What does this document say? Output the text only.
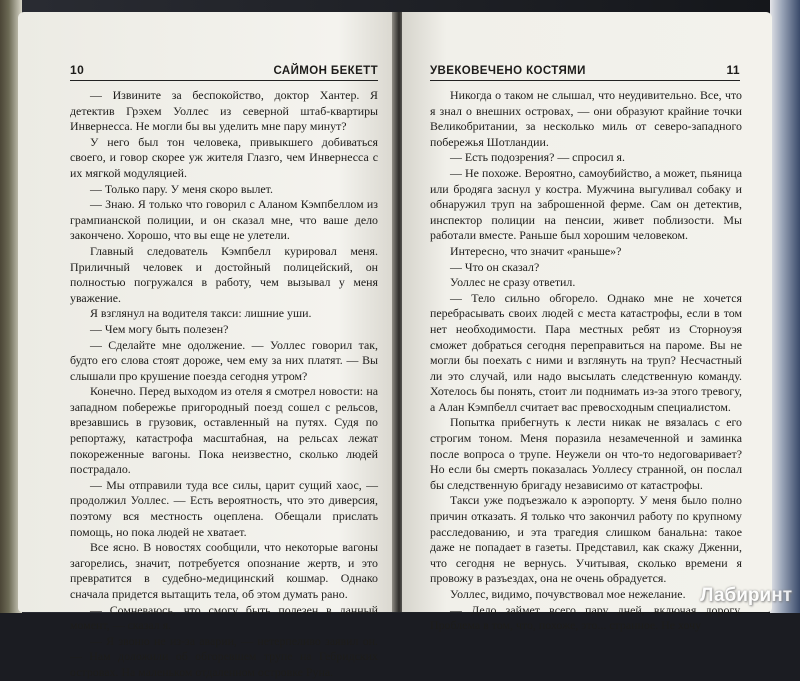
10	САЙМОН БЕКЕТТ

— Извините за беспокойство, доктор Хантер. Я детектив Грэхем Уоллес из северной штаб-квартиры Инвернесса. Не могли бы вы уделить мне пару минут?

У него был тон человека, привыкшего добиваться своего, и говор скорее уж жителя Глазго, чем Инвернесса с их мягкой модуляцией.

— Только пару. У меня скоро вылет.

— Знаю. Я только что говорил с Аланом Кэмпбеллом из грампианской полиции, и он сказал мне, что ваше дело закончено. Хорошо, что вы еще не улетели.

Главный следователь Кэмпбелл курировал меня. Приличный человек и достойный полицейский, он полностью погружался в работу, чем вызывал у меня уважение.

Я взглянул на водителя такси: лишние уши.

— Чем могу быть полезен?

— Сделайте мне одолжение. — Уоллес говорил так, будто его слова стоят дороже, чем ему за них платят. — Вы слышали про крушение поезда сегодня утром?

Конечно. Перед выходом из отеля я смотрел новости: на западном побережье пригородный поезд сошел с рельсов, врезавшись в грузовик, оставленный на путях. Судя по репортажу, катастрофа масштабная, на рельсах лежат покореженные вагоны. Пока неизвестно, сколько людей пострадало.

— Мы отправили туда все силы, царит сущий хаос, — продолжил Уоллес. — Есть вероятность, что это диверсия, поэтому вся местность оцеплена. Обещали прислать помощь, но пока людей не хватает.

Все ясно. В новостях сообщили, что некоторые вагоны загорелись, значит, потребуется опознание жертв, и это превратится в судебно-медицинский кошмар. Однако сначала придется вытащить тела, об этом думать рано.

— Сомневаюсь, что смогу быть полезен в данный момент, — сказал я.

— Я звоню не из-за аварии, — нетерпеливо заявил он. — Нам доложили об обгоревшем трупе на Гебридских островах. На маленьком отдаленном островке Руна.

УВЕКОВЕЧЕНО КОСТЯМИ	11

Никогда о таком не слышал, что неудивительно. Все, что я знал о внешних островах, — они образуют крайние точки Великобритании, за несколько миль от северо-западного побережья Шотландии.

— Есть подозрения? — спросил я.

— Не похоже. Вероятно, самоубийство, а может, пьяница или бродяга заснул у костра. Мужчина выгуливал собаку и обнаружил труп на заброшенной ферме. Сам он детектив, инспектор полиции на пенсии, живет поблизости. Мы работали вместе. Раньше был хорошим человеком.

Интересно, что значит «раньше»?

— Что он сказал?

Уоллес не сразу ответил.

— Тело сильно обгорело. Однако мне не хочется перебрасывать своих людей с места катастрофы, если в том нет необходимости. Пара местных ребят из Сторноуэя сможет добраться сегодня переправиться на пароме. Вы не могли бы поехать с ними и взглянуть на труп? Несчастный ли это случай, или надо высылать следственную команду. Хотелось бы понять, стоит ли поднимать из-за этого тревогу, а Алан Кэмпбелл считает вас превосходным специалистом.

Попытка прибегнуть к лести никак не вязалась с его строгим тоном. Меня поразила незамеченной и заминка после вопроса о трупе. Неужели он что-то недоговаривает? Но если бы смерть показалась Уоллесу странной, он послал бы следственную бригаду независимо от катастрофы.

Такси уже подъезжало к аэропорту. У меня было полно причин отказать. Я только что закончил работу по крупному расследованию, и эта трагедия слишком банальна: такое даже не попадает в газеты. Представил, как скажу Дженни, что сегодня не вернусь. Учитывая, сколько времени я провожу в разъездах, она не очень обрадуется.

Уоллес, видимо, почувствовал мое нежелание.

— Дело займет всего пару дней, включая дорогу. Проблема в том, что, похоже, это... странное. Не хочу

Лабиринт
